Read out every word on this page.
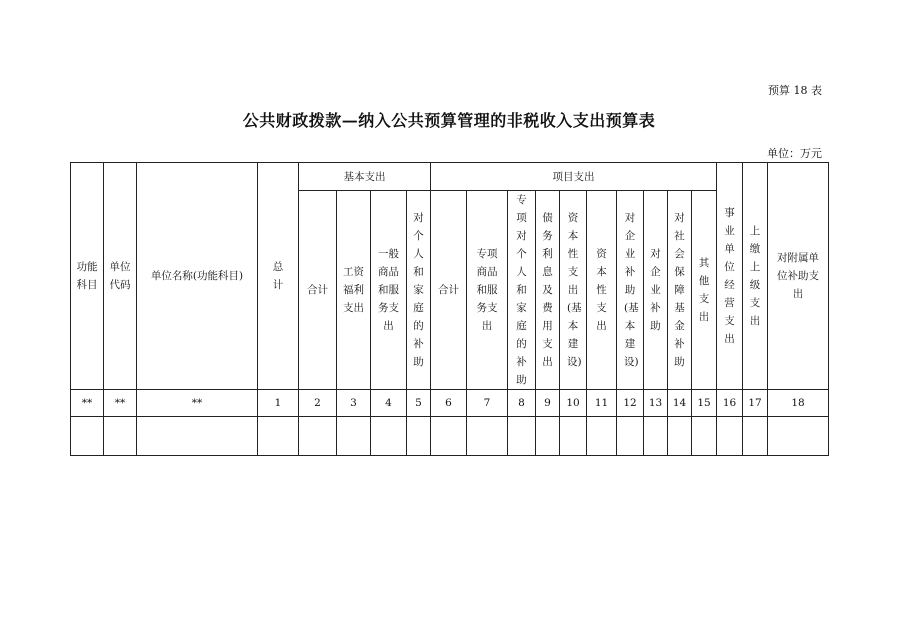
预算 18 表
公共财政拨款—纳入公共预算管理的非税收入支出预算表
单位：万元
功能科目	单位代码	单位名称(功能科目)	总计	基本支出				项目支出										事业单位经营支出	上缴上级支出	对附属单位补助支出
				合计	工资福利支出	一般商品和服务支出	对个人和家庭的补助	合计	专项商品和服务支出	专项对个人和家庭的补助	债务利息及费用支出	资本性支出(基本建设)	资本性支出	对企业补助(基本建设)	对企业补助	对社会保障基金补助	其他支出			
**	**	**	1	2	3	4	5	6	7	8	9	10	11	12	13	14	15	16	17	18
